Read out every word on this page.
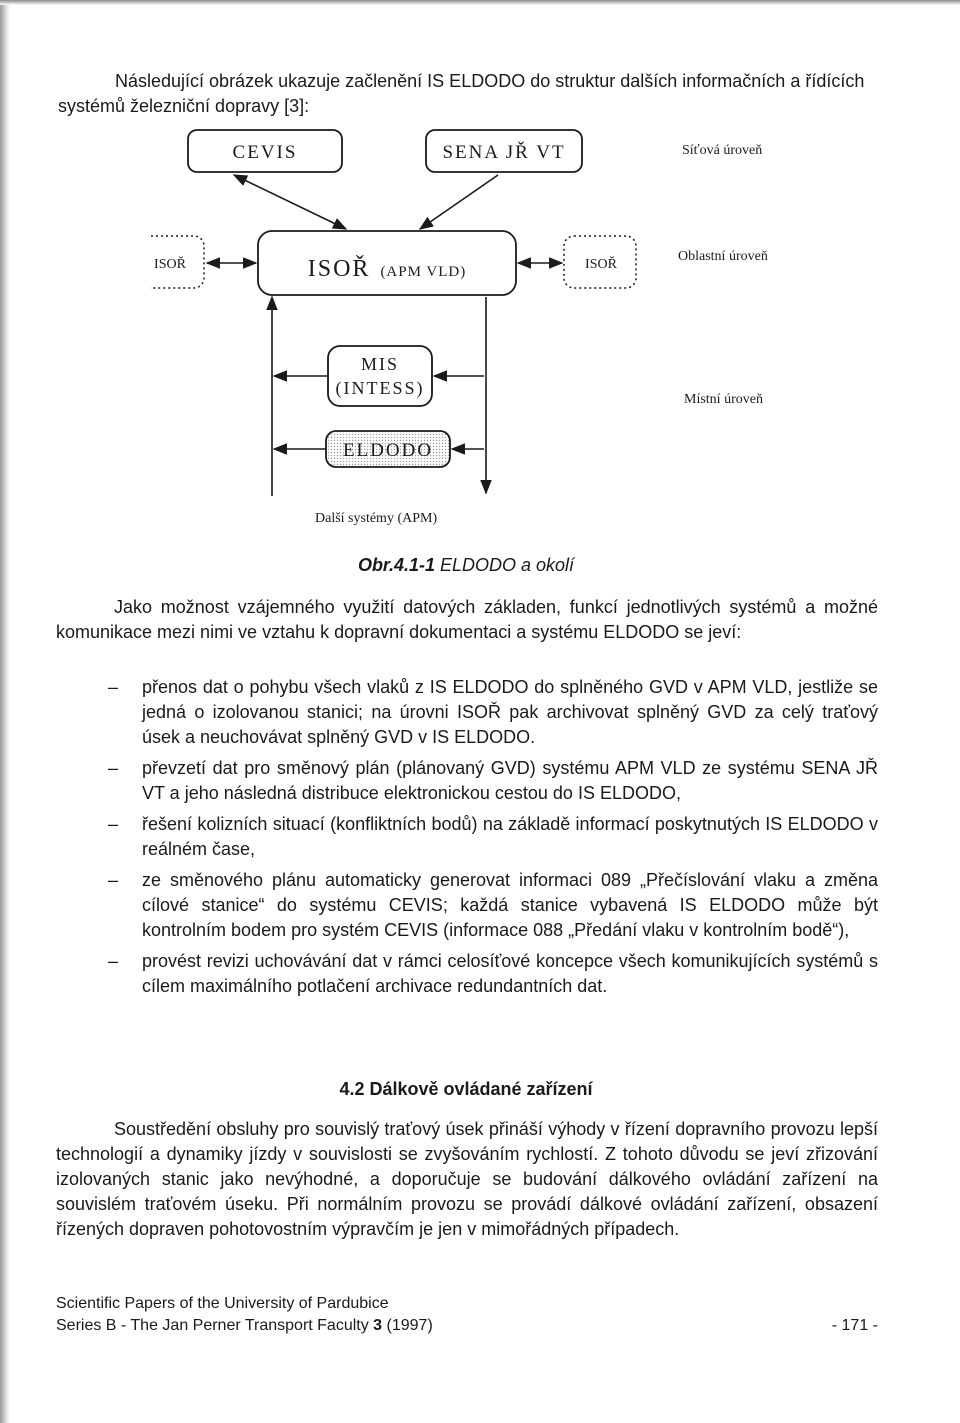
Následující obrázek ukazuje začlenění IS ELDODO do struktur dalších informačních a řídících systémů železniční dopravy [3]:

CEVIS	SENA JŘ VT
ISOŘ (APM VLD)
ISOŘ	ISOŘ
Síťová úroveň
Oblastní úroveň
Místní úroveň
MIS
(INTESS)
ELDODO
Další systémy (APM)
Obr.4.1-1 ELDODO a okolí

Jako možnost vzájemného využití datových základen, funkcí jednotlivých systémů a možné komunikace mezi nimi ve vztahu k dopravní dokumentaci a systému ELDODO se jeví:

– přenos dat o pohybu všech vlaků z IS ELDODO do splněného GVD v APM VLD, jestliže se jedná o izolovanou stanici; na úrovni ISOŘ pak archivovat splněný GVD za celý traťový úsek a neuchovávat splněný GVD v IS ELDODO.
– převzetí dat pro směnový plán (plánovaný GVD) systému APM VLD ze systému SENA JŘ VT a jeho následná distribuce elektronickou cestou do IS ELDODO,
– řešení kolizních situací (konfliktních bodů) na základě informací poskytnutých IS ELDODO v reálném čase,
– ze směnového plánu automaticky generovat informaci 089 „Přečíslování vlaku a změna cílové stanice“ do systému CEVIS; každá stanice vybavená IS ELDODO může být kontrolním bodem pro systém CEVIS (informace 088 „Předání vlaku v kontrolním bodě“),
– provést revizi uchovávání dat v rámci celosíťové koncepce všech komunikujících systémů s cílem maximálního potlačení archivace redundantních dat.
4.2 Dálkově ovládané zařízení

Soustředění obsluhy pro souvislý traťový úsek přináší výhody v řízení dopravního provozu lepší technologií a dynamiky jízdy v souvislosti se zvyšováním rychlostí. Z tohoto důvodu se jeví zřizování izolovaných stanic jako nevýhodné, a doporučuje se budování dálkového ovládání zařízení na souvislém traťovém úseku. Při normálním provozu se provádí dálkové ovládání zařízení, obsazení řízených dopraven pohotovostním výpravčím je jen v mimořádných případech.

Scientific Papers of the University of Pardubice
Series B - The Jan Perner Transport Faculty 3 (1997)	- 171 -
